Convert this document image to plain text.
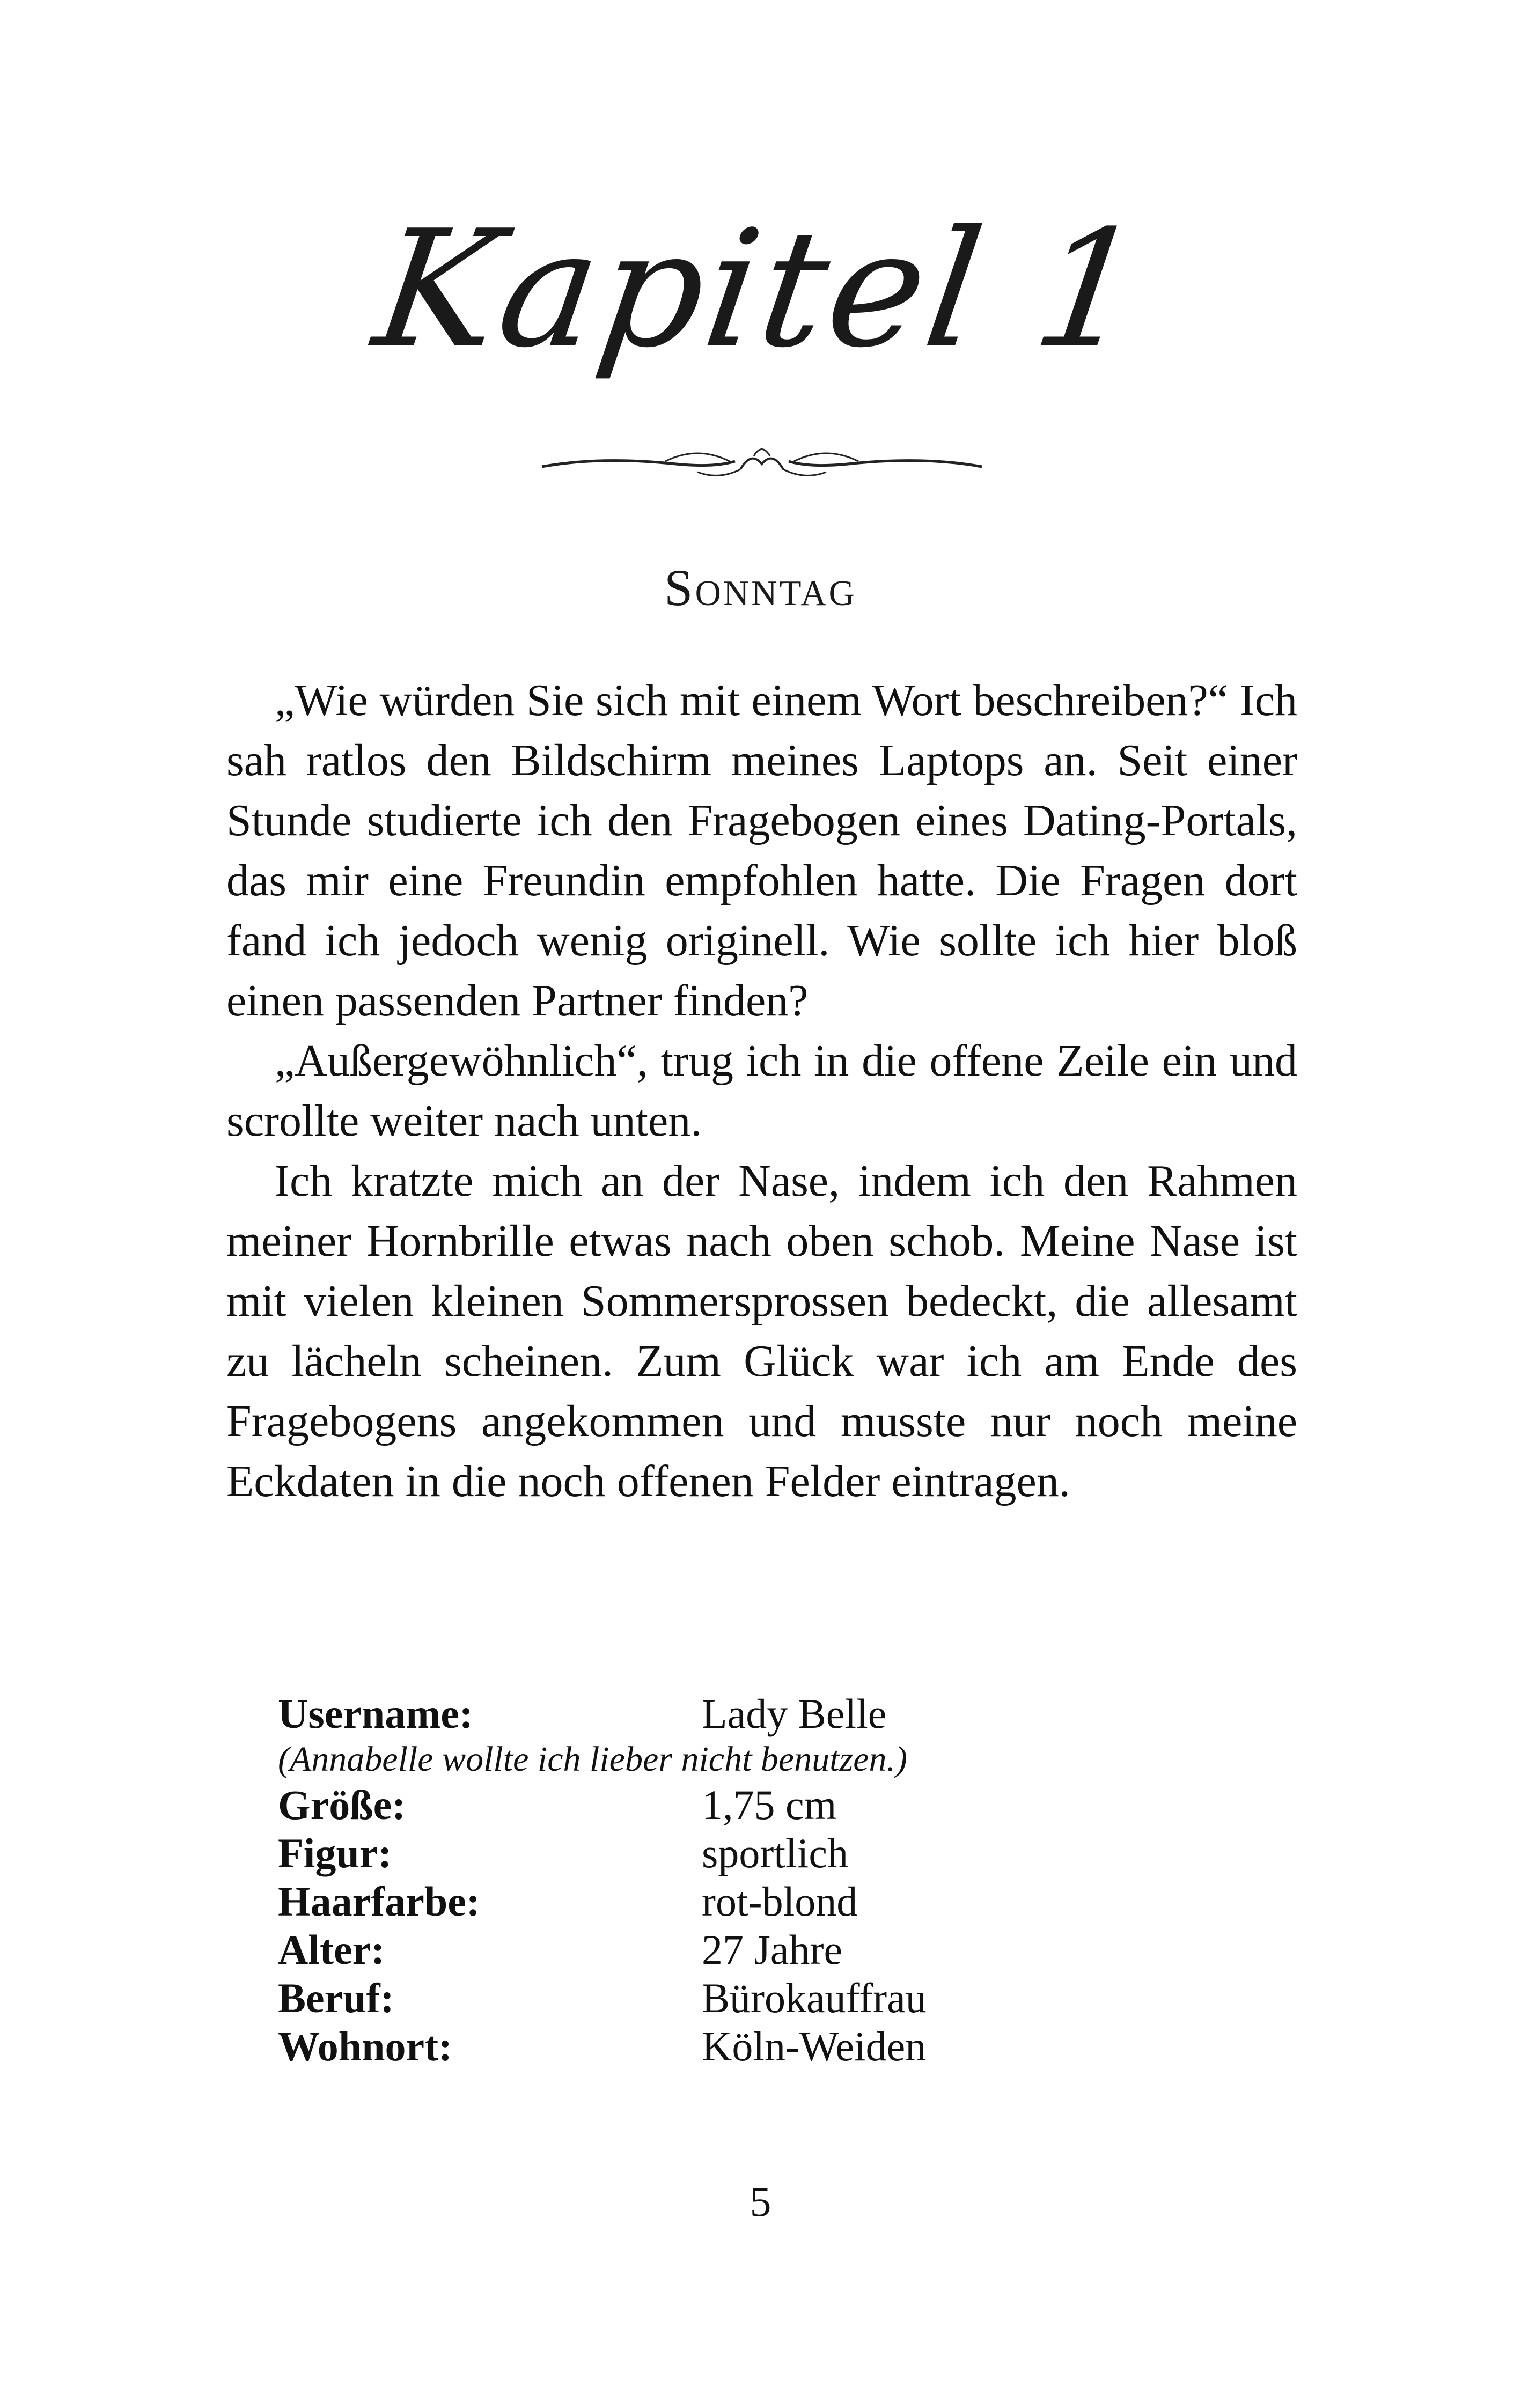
Kapitel 1
Sonntag

„Wie würden Sie sich mit einem Wort beschreiben?“ Ich sah ratlos den Bildschirm meines Laptops an. Seit einer Stunde studierte ich den Fragebogen eines Dating-Portals, das mir eine Freundin empfohlen hatte. Die Fragen dort fand ich jedoch wenig originell. Wie sollte ich hier bloß einen passenden Partner finden?

„Außergewöhnlich“, trug ich in die offene Zeile ein und scrollte weiter nach unten.

Ich kratzte mich an der Nase, indem ich den Rahmen meiner Hornbrille etwas nach oben schob. Meine Nase ist mit vielen kleinen Sommersprossen bedeckt, die allesamt zu lächeln scheinen. Zum Glück war ich am Ende des Fragebogens angekommen und musste nur noch meine Eckdaten in die noch offenen Felder eintragen.

Username:	Lady Belle
(Annabelle wollte ich lieber nicht benutzen.)
Größe:	1,75 cm
Figur:	sportlich
Haarfarbe:	rot-blond
Alter:	27 Jahre
Beruf:	Bürokauffrau
Wohnort:	Köln-Weiden
5
